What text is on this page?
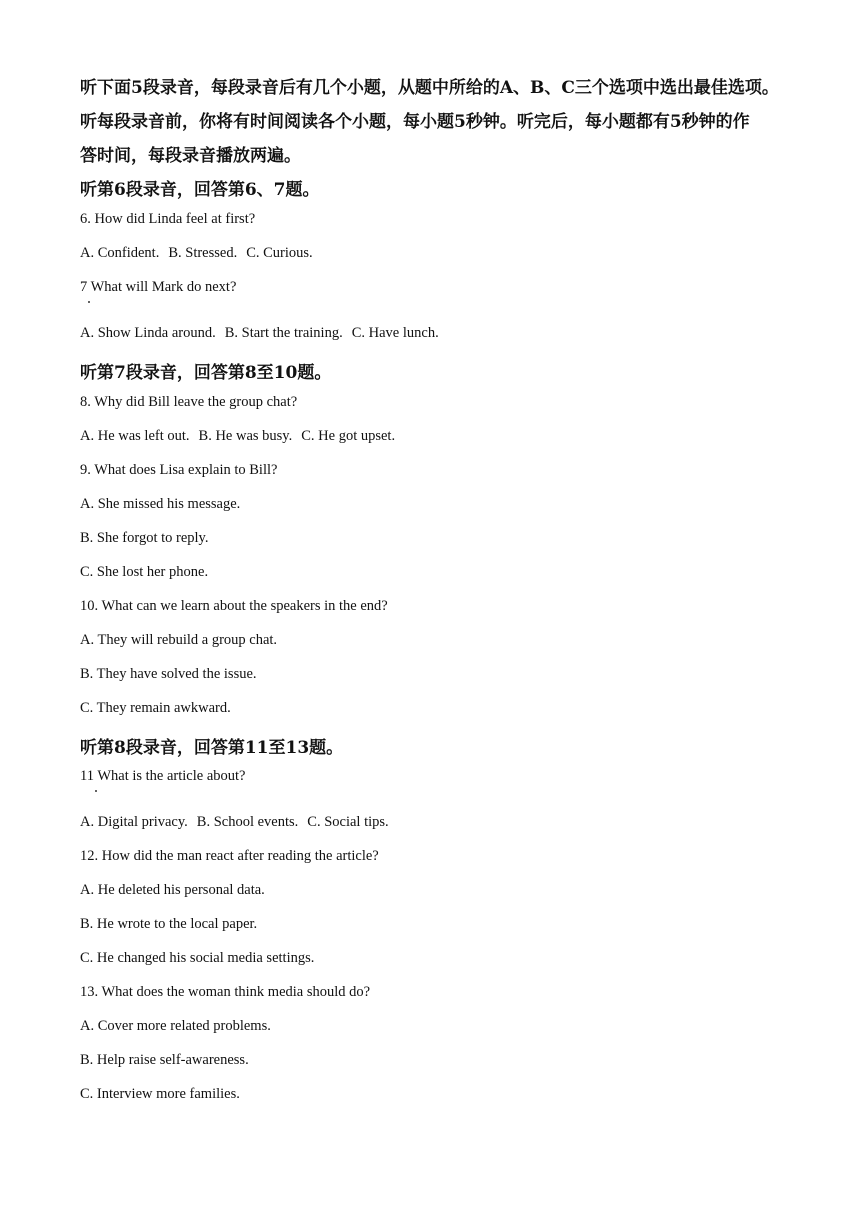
听下面5段录音，每段录音后有几个小题，从题中所给的A、B、C三个选项中选出最佳选项。
听每段录音前，你将有时间阅读各个小题，每小题5秒钟。听完后，每小题都有5秒钟的作
答时间，每段录音播放两遍。
听第6段录音，回答第6、7题。
6. How did Linda feel at first?
A. Confident. B. Stressed. C. Curious.
7 What will Mark do next?
A. Show Linda around. B. Start the training. C. Have lunch.
听第7段录音，回答第8至10题。
8. Why did Bill leave the group chat?
A. He was left out. B. He was busy. C. He got upset.
9. What does Lisa explain to Bill?
A. She missed his message.
B. She forgot to reply.
C. She lost her phone.
10. What can we learn about the speakers in the end?
A. They will rebuild a group chat.
B. They have solved the issue.
C. They remain awkward.
听第8段录音，回答第11至13题。
11 What is the article about?
A. Digital privacy. B. School events. C. Social tips.
12. How did the man react after reading the article?
A. He deleted his personal data.
B. He wrote to the local paper.
C. He changed his social media settings.
13. What does the woman think media should do?
A. Cover more related problems.
B. Help raise self-awareness.
C. Interview more families.
